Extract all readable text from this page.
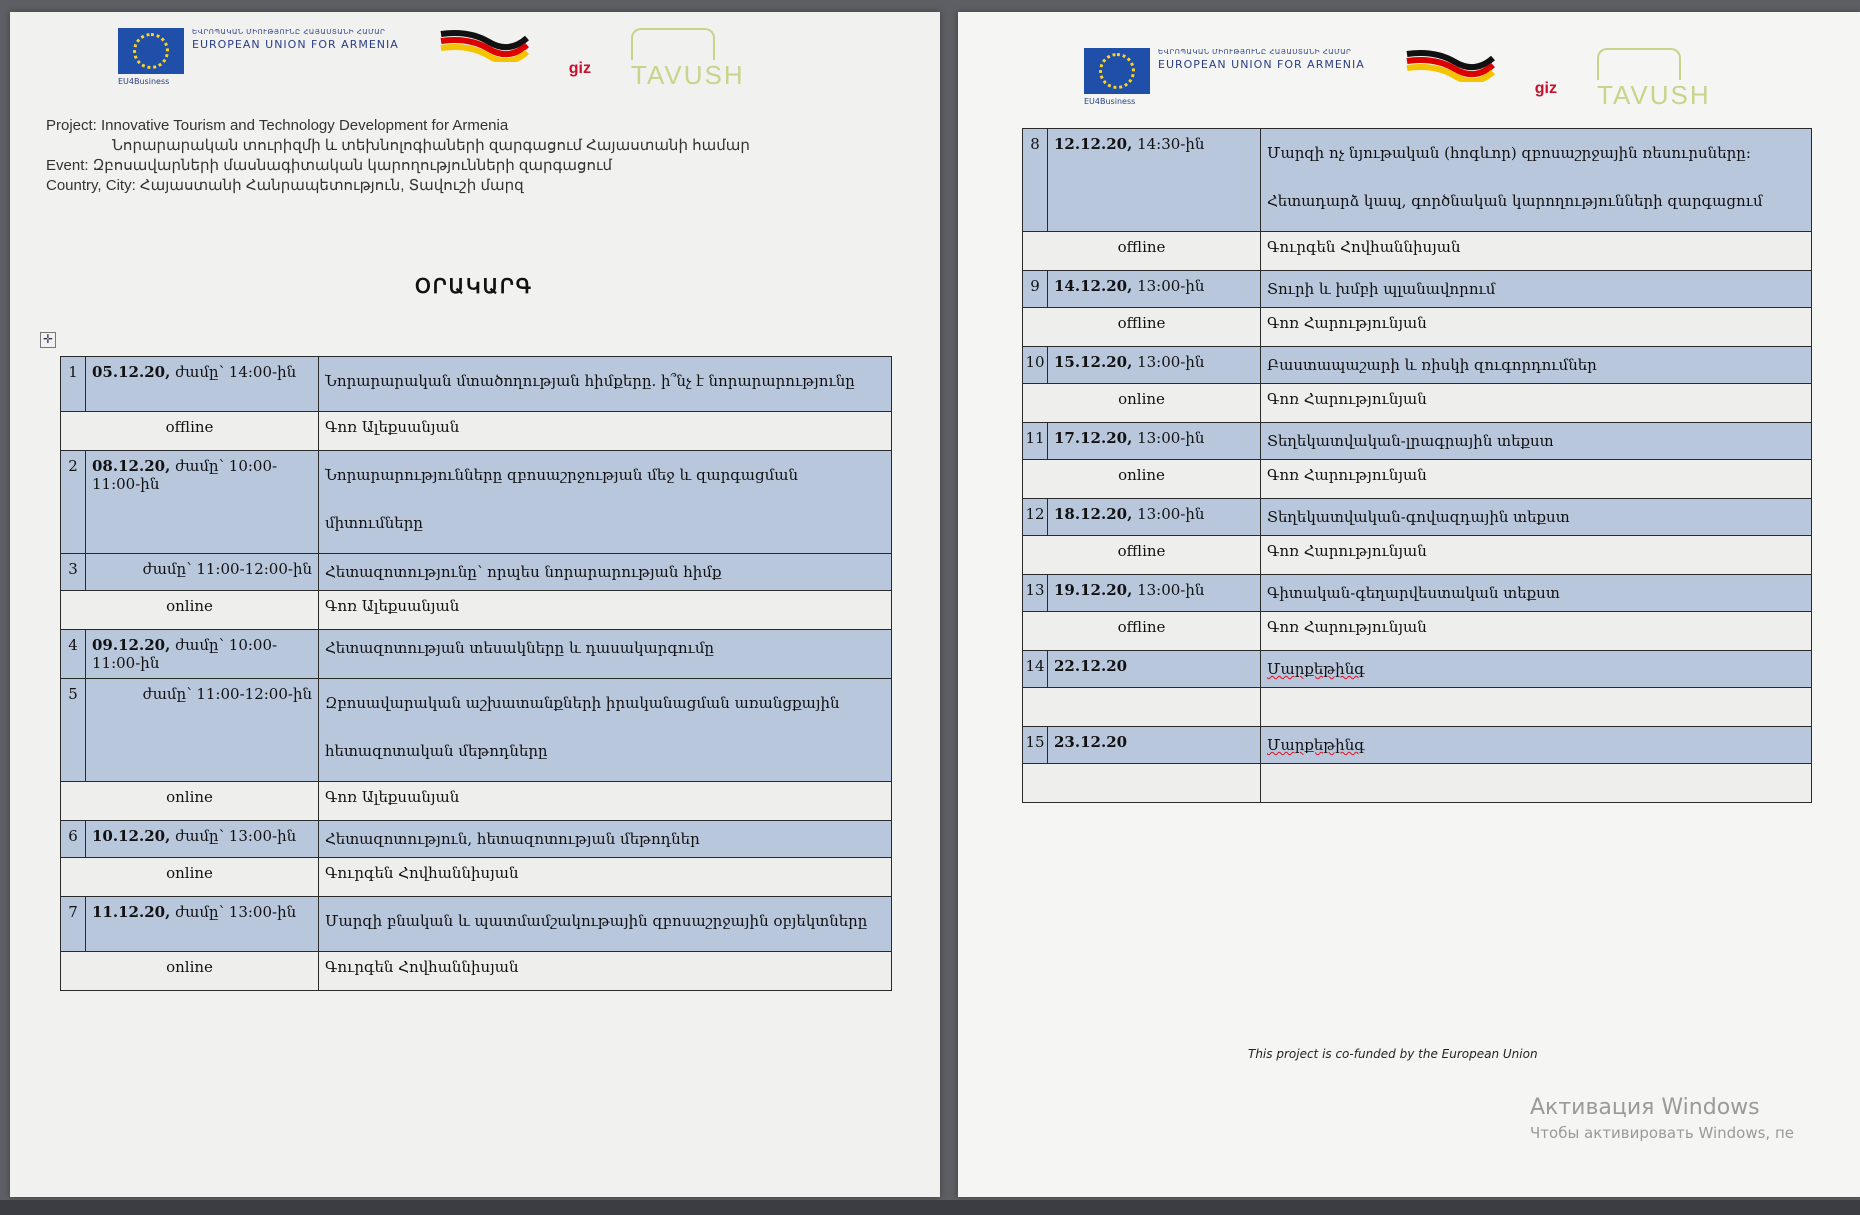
ԵՎՐՈՊԱԿԱՆ ՄԻՈՒԹՅՈՒՆԸ ՀԱՅԱՍՏԱՆԻ ՀԱՄԱՐ
EUROPEAN UNION FOR ARMENIA
EU4Business
giz TAVUSH
Project: Innovative Tourism and Technology Development for Armenia
Նորարարական տուրիզմի և տեխնոլոգիաների զարգացում Հայաստանի համար
Event: Զբոսավարների մասնագիտական կարողությունների զարգացում
Country, City: Հայաստանի Հանրապետություն, Տավուշի մարզ
ՕՐԱԿԱՐԳ
✛
1	05.12.20, ժամը՝ 14:00-ին	Նորարարական մտածողության հիմքերը. ի՞նչ է նորարարությունը
offline		Գոռ Ալեքսանյան
2	08.12.20, ժամը՝ 10:00-11:00-ին	Նորարարությունները զբոսաշրջության մեջ և զարգացման միտումները
3	ժամը՝ 11:00-12:00-ին	Հետազոտությունը՝ որպես նորարարության հիմք
online		Գոռ Ալեքսանյան
4	09.12.20, ժամը՝ 10:00-11:00-ին	Հետազոտության տեսակները և դասակարգումը
5	ժամը՝ 11:00-12:00-ին	Զբոսավարական աշխատանքների իրականացման առանցքային հետազոտական մեթոդները
online		Գոռ Ալեքսանյան
6	10.12.20, ժամը՝ 13:00-ին	Հետազոտություն, հետազոտության մեթոդներ
online		Գուրգեն Հովհաննիսյան
7	11.12.20, ժամը՝ 13:00-ին	Մարզի բնական և պատմամշակութային զբոսաշրջային օբյեկտները
online		Գուրգեն Հովհաննիսյան
ԵՎՐՈՊԱԿԱՆ ՄԻՈՒԹՅՈՒՆԸ ՀԱՅԱՍՏԱՆԻ ՀԱՄԱՐ
EUROPEAN UNION FOR ARMENIA
EU4Business
giz TAVUSH
8	12.12.20, 14:30-ին	Մարզի ոչ նյութական (հոգևոր) զբոսաշրջային ռեսուրսները: Հետադարձ կապ, գործնական կարողությունների զարգացում
offline		Գուրգեն Հովհաննիսյան
9	14.12.20, 13:00-ին	Տուրի և խմբի պլանավորում
offline		Գոռ Հարությունյան
10	15.12.20, 13:00-ին	Բաստապաշարի և ռիսկի զուգորդումներ
online		Գոռ Հարությունյան
11	17.12.20, 13:00-ին	Տեղեկատվական-լրագրային տեքստ
online		Գոռ Հարությունյան
12	18.12.20, 13:00-ին	Տեղեկատվական-գովազդային տեքստ
offline		Գոռ Հարությունյան
13	19.12.20, 13:00-ին	Գիտական-գեղարվեստական տեքստ
offline		Գոռ Հարությունյան
14	22.12.20	Մարքեթինգ

15	23.12.20	Մարքեթինգ

This project is co-funded by the European Union
Активация Windows
Чтобы активировать Windows, пе
